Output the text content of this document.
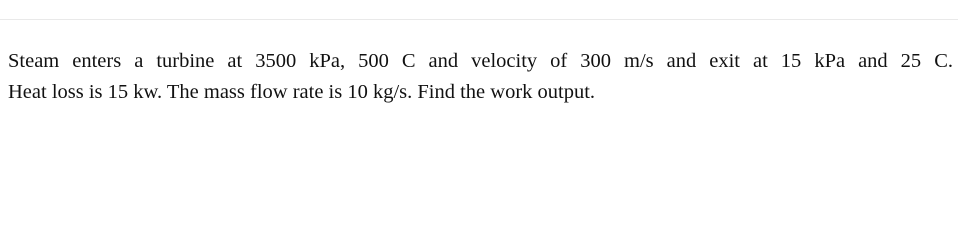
Steam enters a turbine at 3500 kPa, 500 C and velocity of 300 m/s and exit at 15 kPa and 25 C.
Heat loss is 15 kw. The mass flow rate is 10 kg/s. Find the work output.
